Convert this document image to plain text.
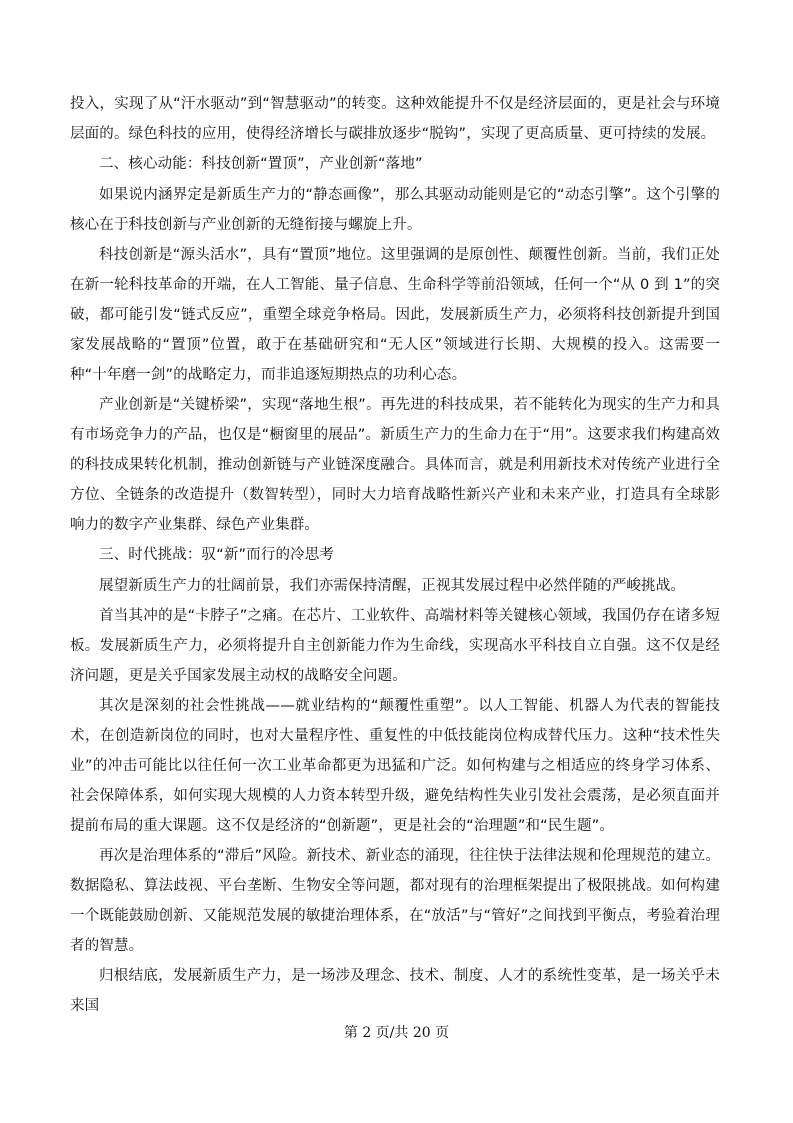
投入，实现了从“汗水驱动”到“智慧驱动”的转变。这种效能提升不仅是经济层面的，更是社会与环境层面的。绿色科技的应用，使得经济增长与碳排放逐步“脱钩”，实现了更高质量、更可持续的发展。

二、核心动能：科技创新“置顶”，产业创新“落地”

如果说内涵界定是新质生产力的“静态画像”，那么其驱动动能则是它的“动态引擎”。这个引擎的核心在于科技创新与产业创新的无缝衔接与螺旋上升。

科技创新是“源头活水”，具有“置顶”地位。这里强调的是原创性、颠覆性创新。当前，我们正处在新一轮科技革命的开端，在人工智能、量子信息、生命科学等前沿领域，任何一个“从 0 到 1”的突破，都可能引发“链式反应”，重塑全球竞争格局。因此，发展新质生产力，必须将科技创新提升到国家发展战略的“置顶”位置，敢于在基础研究和“无人区”领域进行长期、大规模的投入。这需要一种“十年磨一剑”的战略定力，而非追逐短期热点的功利心态。

产业创新是“关键桥梁”，实现“落地生根”。再先进的科技成果，若不能转化为现实的生产力和具有市场竞争力的产品，也仅是“橱窗里的展品”。新质生产力的生命力在于“用”。这要求我们构建高效的科技成果转化机制，推动创新链与产业链深度融合。具体而言，就是利用新技术对传统产业进行全方位、全链条的改造提升（数智转型），同时大力培育战略性新兴产业和未来产业，打造具有全球影响力的数字产业集群、绿色产业集群。

三、时代挑战：驭“新”而行的冷思考

展望新质生产力的壮阔前景，我们亦需保持清醒，正视其发展过程中必然伴随的严峻挑战。

首当其冲的是“卡脖子”之痛。在芯片、工业软件、高端材料等关键核心领域，我国仍存在诸多短板。发展新质生产力，必须将提升自主创新能力作为生命线，实现高水平科技自立自强。这不仅是经济问题，更是关乎国家发展主动权的战略安全问题。

其次是深刻的社会性挑战——就业结构的“颠覆性重塑”。以人工智能、机器人为代表的智能技术，在创造新岗位的同时，也对大量程序性、重复性的中低技能岗位构成替代压力。这种“技术性失业”的冲击可能比以往任何一次工业革命都更为迅猛和广泛。如何构建与之相适应的终身学习体系、社会保障体系，如何实现大规模的人力资本转型升级，避免结构性失业引发社会震荡，是必须直面并提前布局的重大课题。这不仅是经济的“创新题”，更是社会的“治理题”和“民生题”。

再次是治理体系的“滞后”风险。新技术、新业态的涌现，往往快于法律法规和伦理规范的建立。数据隐私、算法歧视、平台垄断、生物安全等问题，都对现有的治理框架提出了极限挑战。如何构建一个既能鼓励创新、又能规范发展的敏捷治理体系，在“放活”与“管好”之间找到平衡点，考验着治理者的智慧。

归根结底，发展新质生产力，是一场涉及理念、技术、制度、人才的系统性变革，是一场关乎未来国

第 2 页/共 20 页
